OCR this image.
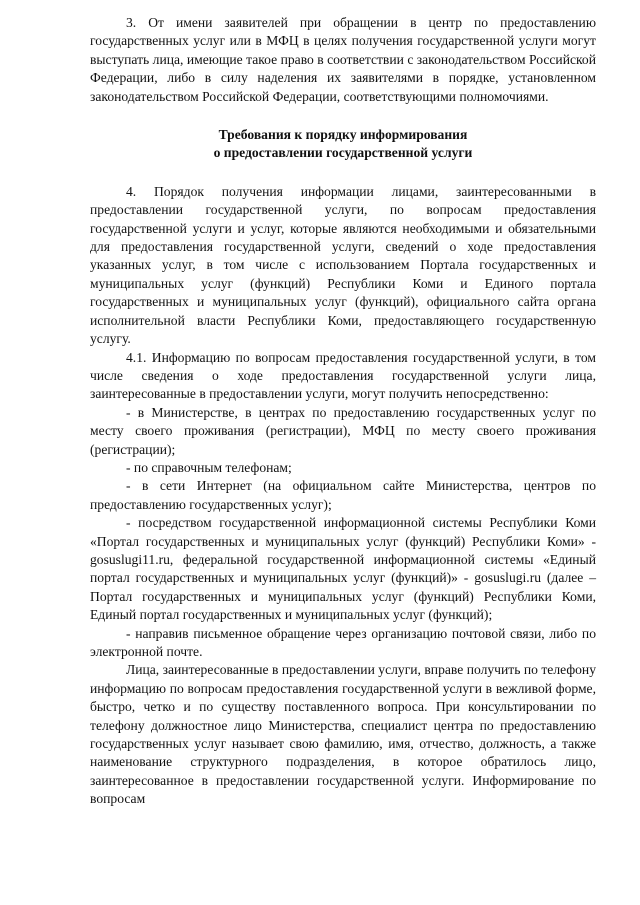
3. От имени заявителей при обращении в центр по предоставлению государственных услуг или в МФЦ в целях получения государственной услуги могут выступать лица, имеющие такое право в соответствии с законодательством Российской Федерации, либо в силу наделения их заявителями в порядке, установленном законодательством Российской Федерации, соответствующими полномочиями.

Требования к порядку информирования

о предоставлении государственной услуги

4. Порядок получения информации лицами, заинтересованными в предоставлении государственной услуги, по вопросам предоставления государственной услуги и услуг, которые являются необходимыми и обязательными для предоставления государственной услуги, сведений о ходе предоставления указанных услуг, в том числе с использованием Портала государственных и муниципальных услуг (функций) Республики Коми и Единого портала государственных и муниципальных услуг (функций), официального сайта органа исполнительной власти Республики Коми, предоставляющего государственную услугу.

4.1. Информацию по вопросам предоставления государственной услуги, в том числе сведения о ходе предоставления государственной услуги лица, заинтересованные в предоставлении услуги, могут получить непосредственно:

- в Министерстве, в центрах по предоставлению государственных услуг по месту своего проживания (регистрации), МФЦ по месту своего проживания (регистрации);

- по справочным телефонам;

- в сети Интернет (на официальном сайте Министерства, центров по предоставлению государственных услуг);

- посредством государственной информационной системы Республики Коми «Портал государственных и муниципальных услуг (функций) Республики Коми» - gosuslugi11.ru, федеральной государственной информационной системы «Единый портал государственных и муниципальных услуг (функций)» - gosuslugi.ru (далее – Портал государственных и муниципальных услуг (функций) Республики Коми, Единый портал государственных и муниципальных услуг (функций);

- направив письменное обращение через организацию почтовой связи, либо по электронной почте.

Лица, заинтересованные в предоставлении услуги, вправе получить по телефону информацию по вопросам предоставления государственной услуги в вежливой форме, быстро, четко и по существу поставленного вопроса. При консультировании по телефону должностное лицо Министерства, специалист центра по предоставлению государственных услуг называет свою фамилию, имя, отчество, должность, а также наименование структурного подразделения, в которое обратилось лицо, заинтересованное в предоставлении государственной услуги. Информирование по вопросам
